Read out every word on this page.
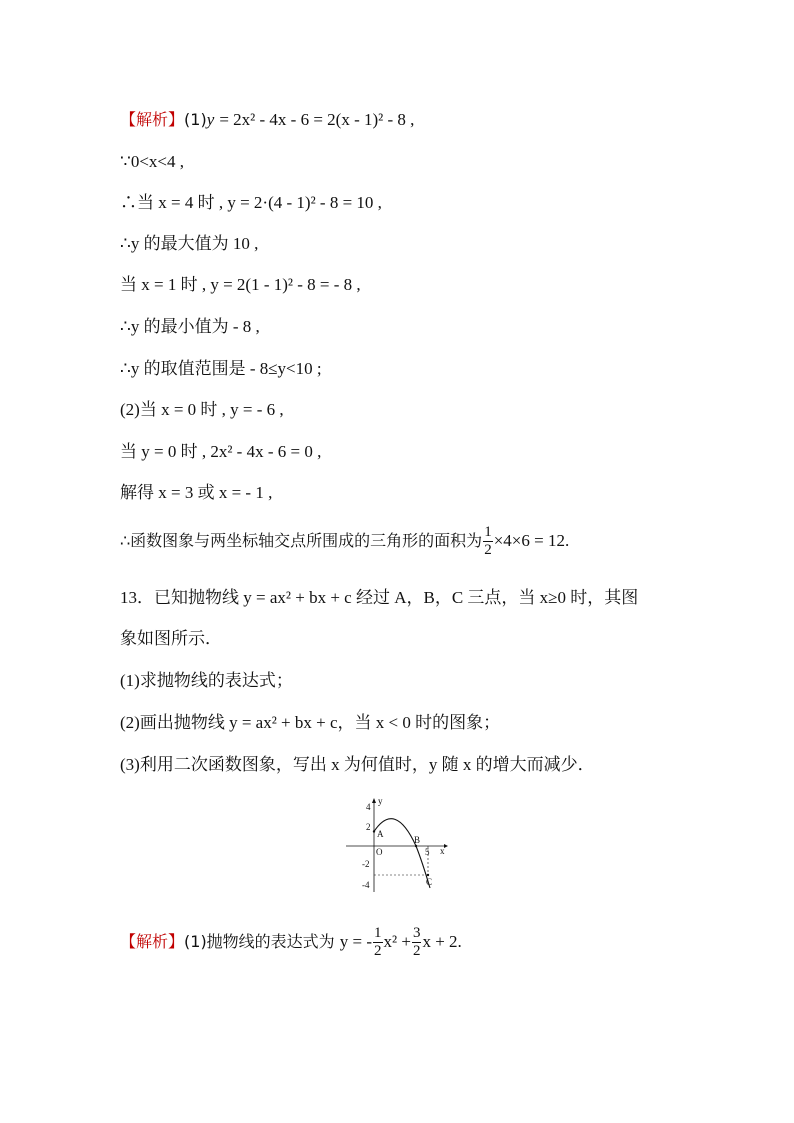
【解析】(1)y = 2x² - 4x - 6 = 2(x - 1)² - 8 ,
∵0<x<4 ,
∴当 x = 4 时 , y = 2·(4 - 1)² - 8 = 10 ,
∴y 的最大值为 10 ,
当 x = 1 时 , y = 2(1 - 1)² - 8 = - 8 ,
∴y 的最小值为 - 8 ,
∴y 的取值范围是 - 8≤y<10 ;
(2)当 x = 0 时 , y = - 6 ,
当 y = 0 时 , 2x² - 4x - 6 = 0 ,
解得 x = 3 或 x = - 1 ,
∴函数图象与两坐标轴交点所围成的三角形的面积为 $\frac{1}{2} \times 4\times 6 = 12$.
13．已知抛物线 y = ax² + bx + c 经过 A，B，C 三点，当 x≥0 时，其图
象如图所示．
(1)求抛物线的表达式；
(2)画出抛物线 y = ax² + bx + c，当 x < 0 时的图象；
(3)利用二次函数图象，写出 x 为何值时，y 随 x 的增大而减少．
y
x
O
4
2
-2
-4
5
A
B
C
【解析】(1)抛物线的表达式为 y = - $\frac{1}{2} x^2 + \frac{3}{2}$ x + 2.
